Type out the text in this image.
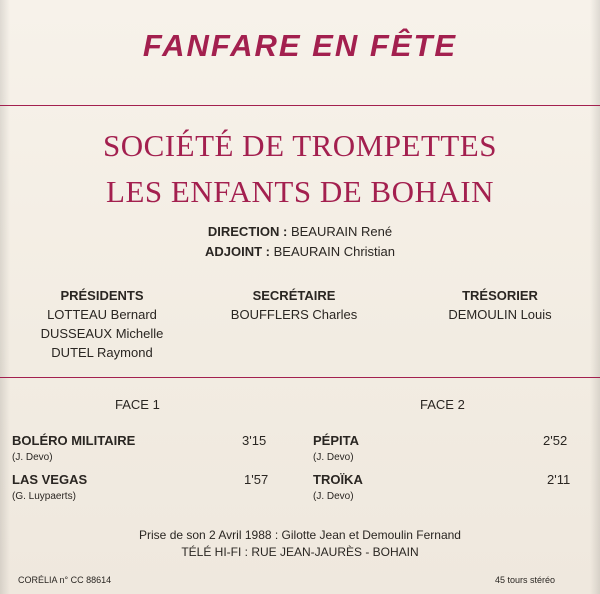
FANFARE EN FÊTE
SOCIÉTÉ DE TROMPETTES
LES ENFANTS DE BOHAIN
DIRECTION : BEAURAIN René
ADJOINT : BEAURAIN Christian
PRÉSIDENTS
LOTTEAU Bernard
DUSSEAUX Michelle
DUTEL Raymond
SECRÉTAIRE
BOUFFLERS Charles
TRÉSORIER
DEMOULIN Louis
FACE 1	FACE 2
BOLÉRO MILITAIRE
(J. Devo)
3'15
LAS VEGAS
(G. Luypaerts)
1'57
PÉPITA
(J. Devo)
2'52
TROÏKA
(J. Devo)
2'11
Prise de son 2 Avril 1988 : Gilotte Jean et Demoulin Fernand
TÉLÉ HI-FI : RUE JEAN-JAURÈS - BOHAIN
CORÉLIA n° CC 88614	45 tours stéréo
